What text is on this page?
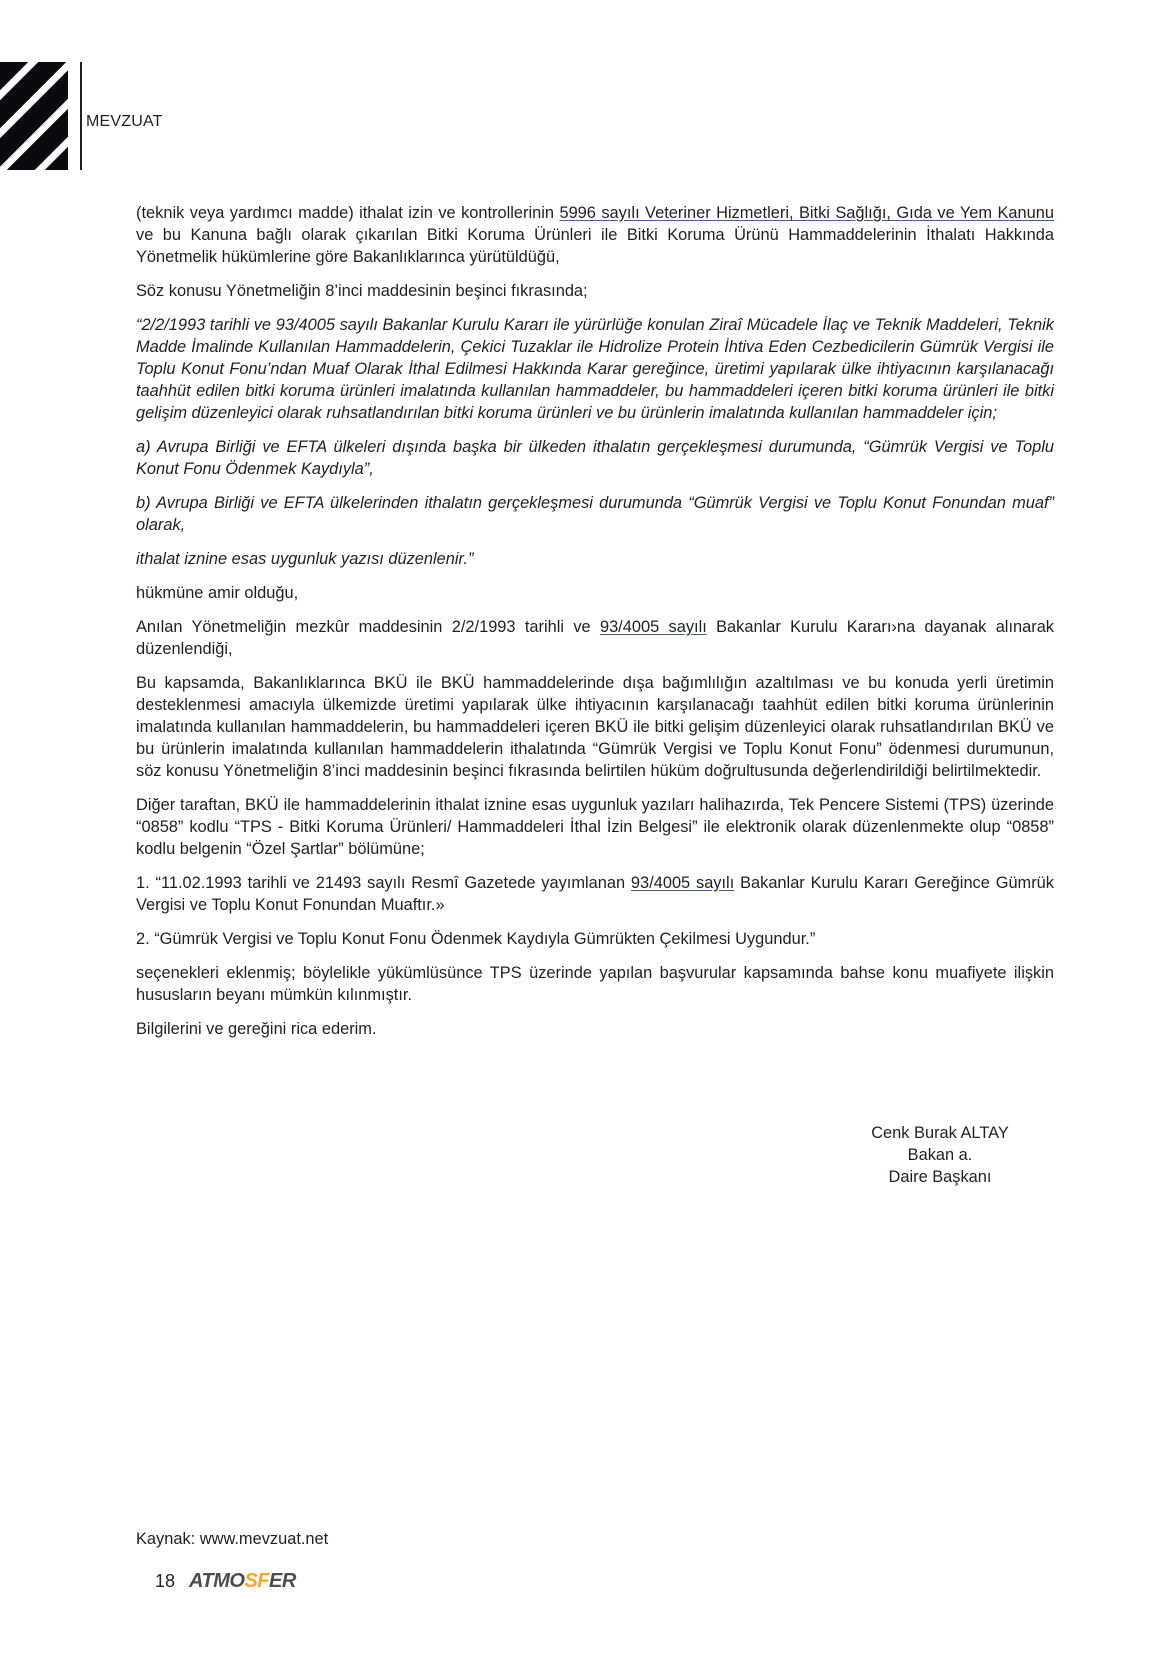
MEVZUAT

(teknik veya yardımcı madde) ithalat izin ve kontrollerinin 5996 sayılı Veteriner Hizmetleri, Bitki Sağlığı, Gıda ve Yem Kanunu ve bu Kanuna bağlı olarak çıkarılan Bitki Koruma Ürünleri ile Bitki Koruma Ürünü Hammaddelerinin İthalatı Hakkında Yönetmelik hükümlerine göre Bakanlıklarınca yürütüldüğü,

Söz konusu Yönetmeliğin 8’inci maddesinin beşinci fıkrasında;

“2/2/1993 tarihli ve 93/4005 sayılı Bakanlar Kurulu Kararı ile yürürlüğe konulan Ziraî Mücadele İlaç ve Teknik Maddeleri, Teknik Madde İmalinde Kullanılan Hammaddelerin, Çekici Tuzaklar ile Hidrolize Protein İhtiva Eden Cezbedicilerin Gümrük Vergisi ile Toplu Konut Fonu’ndan Muaf Olarak İthal Edilmesi Hakkında Karar gereğince, üretimi yapılarak ülke ihtiyacının karşılanacağı taahhüt edilen bitki koruma ürünleri imalatında kullanılan hammaddeler, bu hammaddeleri içeren bitki koruma ürünleri ile bitki gelişim düzenleyici olarak ruhsatlandırılan bitki koruma ürünleri ve bu ürünlerin imalatında kullanılan hammaddeler için;

a) Avrupa Birliği ve EFTA ülkeleri dışında başka bir ülkeden ithalatın gerçekleşmesi durumunda, “Gümrük Vergisi ve Toplu Konut Fonu Ödenmek Kaydıyla”,

b) Avrupa Birliği ve EFTA ülkelerinden ithalatın gerçekleşmesi durumunda “Gümrük Vergisi ve Toplu Konut Fonundan muaf” olarak,

ithalat iznine esas uygunluk yazısı düzenlenir.”

hükmüne amir olduğu,

Anılan Yönetmeliğin mezkûr maddesinin 2/2/1993 tarihli ve 93/4005 sayılı Bakanlar Kurulu Kararı›na dayanak alınarak düzenlendiği,

Bu kapsamda, Bakanlıklarınca BKÜ ile BKÜ hammaddelerinde dışa bağımlılığın azaltılması ve bu konuda yerli üretimin desteklenmesi amacıyla ülkemizde üretimi yapılarak ülke ihtiyacının karşılanacağı taahhüt edilen bitki koruma ürünlerinin imalatında kullanılan hammaddelerin, bu hammaddeleri içeren BKÜ ile bitki gelişim düzenleyici olarak ruhsatlandırılan BKÜ ve bu ürünlerin imalatında kullanılan hammaddelerin ithalatında “Gümrük Vergisi ve Toplu Konut Fonu” ödenmesi durumunun, söz konusu Yönetmeliğin 8’inci maddesinin beşinci fıkrasında belirtilen hüküm doğrultusunda değerlendirildiği belirtilmektedir.

Diğer taraftan, BKÜ ile hammaddelerinin ithalat iznine esas uygunluk yazıları halihazırda, Tek Pencere Sistemi (TPS) üzerinde “0858” kodlu “TPS - Bitki Koruma Ürünleri/ Hammaddeleri İthal İzin Belgesi” ile elektronik olarak düzenlenmekte olup “0858” kodlu belgenin “Özel Şartlar” bölümüne;

1. “11.02.1993 tarihli ve 21493 sayılı Resmî Gazetede yayımlanan 93/4005 sayılı Bakanlar Kurulu Kararı Gereğince Gümrük Vergisi ve Toplu Konut Fonundan Muaftır.»

2. “Gümrük Vergisi ve Toplu Konut Fonu Ödenmek Kaydıyla Gümrükten Çekilmesi Uygundur.”

seçenekleri eklenmiş; böylelikle yükümlüsünce TPS üzerinde yapılan başvurular kapsamında bahse konu muafiyete ilişkin hususların beyanı mümkün kılınmıştır.

Bilgilerini ve gereğini rica ederim.

Cenk Burak ALTAY
Bakan a.
Daire Başkanı
Kaynak: www.mevzuat.net
18 ATMOSFER
